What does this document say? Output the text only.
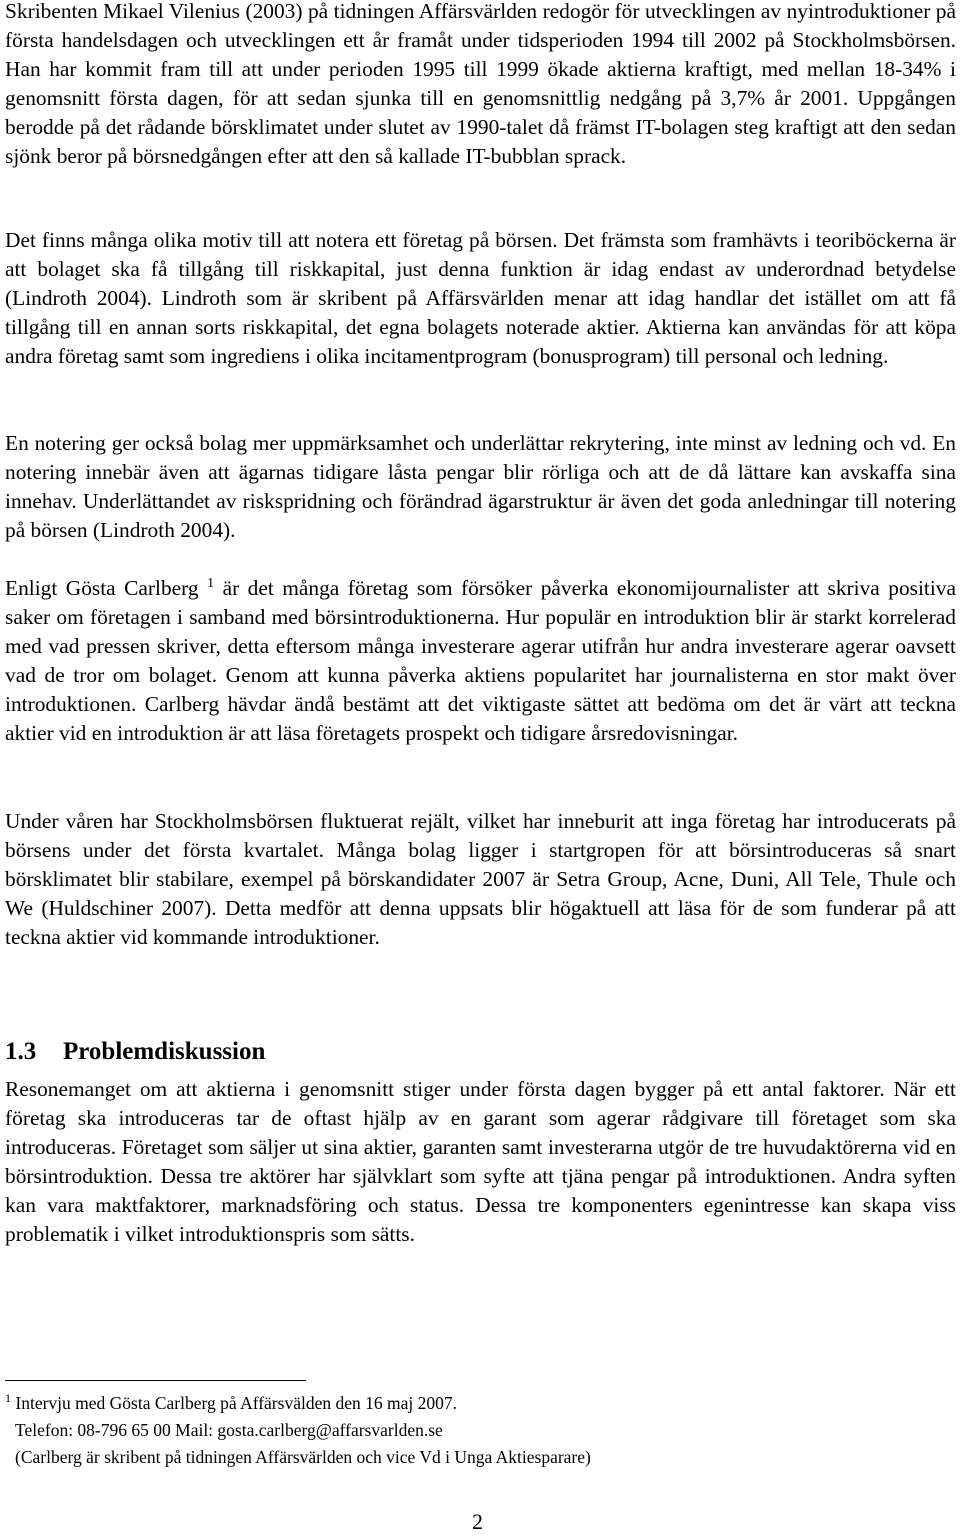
Skribenten Mikael Vilenius (2003) på tidningen Affärsvärlden redogör för utvecklingen av nyintroduktioner på första handelsdagen och utvecklingen ett år framåt under tidsperioden 1994 till 2002 på Stockholmsbörsen. Han har kommit fram till att under perioden 1995 till 1999 ökade aktierna kraftigt, med mellan 18-34% i genomsnitt första dagen, för att sedan sjunka till en genomsnittlig nedgång på 3,7% år 2001. Uppgången berodde på det rådande börsklimatet under slutet av 1990-talet då främst IT-bolagen steg kraftigt att den sedan sjönk beror på börsnedgången efter att den så kallade IT-bubblan sprack.

Det finns många olika motiv till att notera ett företag på börsen. Det främsta som framhävts i teoriböckerna är att bolaget ska få tillgång till riskkapital, just denna funktion är idag endast av underordnad betydelse (Lindroth 2004). Lindroth som är skribent på Affärsvärlden menar att idag handlar det istället om att få tillgång till en annan sorts riskkapital, det egna bolagets noterade aktier. Aktierna kan användas för att köpa andra företag samt som ingrediens i olika incitamentprogram (bonusprogram) till personal och ledning.

En notering ger också bolag mer uppmärksamhet och underlättar rekrytering, inte minst av ledning och vd. En notering innebär även att ägarnas tidigare låsta pengar blir rörliga och att de då lättare kan avskaffa sina innehav. Underlättandet av riskspridning och förändrad ägarstruktur är även det goda anledningar till notering på börsen (Lindroth 2004).

Enligt Gösta Carlberg $^1$ är det många företag som försöker påverka ekonomijournalister att skriva positiva saker om företagen i samband med börsintroduktionerna. Hur populär en introduktion blir är starkt korrelerad med vad pressen skriver, detta eftersom många investerare agerar utifrån hur andra investerare agerar oavsett vad de tror om bolaget. Genom att kunna påverka aktiens popularitet har journalisterna en stor makt över introduktionen. Carlberg hävdar ändå bestämt att det viktigaste sättet att bedöma om det är värt att teckna aktier vid en introduktion är att läsa företagets prospekt och tidigare årsredovisningar.

Under våren har Stockholmsbörsen fluktuerat rejält, vilket har inneburit att inga företag har introducerats på börsens under det första kvartalet. Många bolag ligger i startgropen för att börsintroduceras så snart börsklimatet blir stabilare, exempel på börskandidater 2007 är Setra Group, Acne, Duni, All Tele, Thule och We (Huldschiner 2007). Detta medför att denna uppsats blir högaktuell att läsa för de som funderar på att teckna aktier vid kommande introduktioner.

1.3 Problemdiskussion

Resonemanget om att aktierna i genomsnitt stiger under första dagen bygger på ett antal faktorer. När ett företag ska introduceras tar de oftast hjälp av en garant som agerar rådgivare till företaget som ska introduceras. Företaget som säljer ut sina aktier, garanten samt investerarna utgör de tre huvudaktörerna vid en börsintroduktion. Dessa tre aktörer har självklart som syfte att tjäna pengar på introduktionen. Andra syften kan vara maktfaktorer, marknadsföring och status. Dessa tre komponenters egenintresse kan skapa viss problematik i vilket introduktionspris som sätts.

$^1$ Intervju med Gösta Carlberg på Affärsvälden den 16 maj 2007.
Telefon: 08-796 65 00 Mail: gosta.carlberg@affarsvarlden.se
(Carlberg är skribent på tidningen Affärsvärlden och vice Vd i Unga Aktiesparare)
2
